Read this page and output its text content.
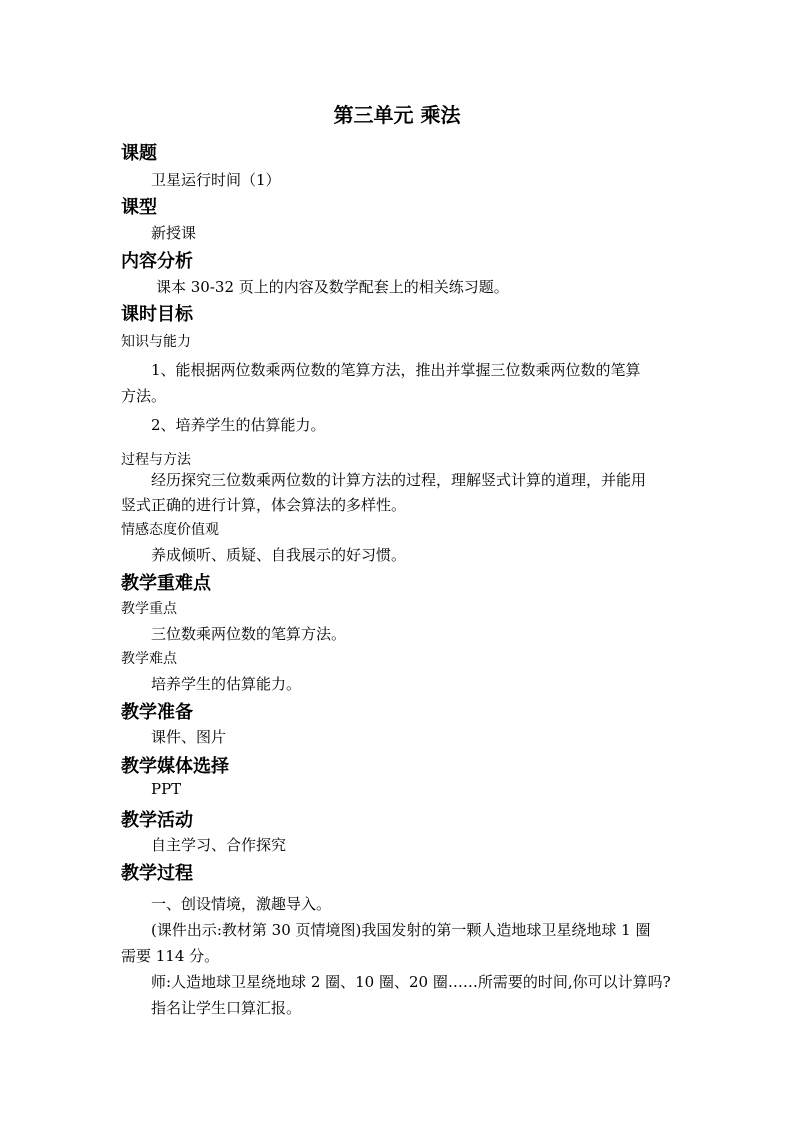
第三单元 乘法
课题
卫星运行时间（1）
课型
新授课
内容分析
课本 30-32 页上的内容及数学配套上的相关练习题。
课时目标
知识与能力
1、能根据两位数乘两位数的笔算方法，推出并掌握三位数乘两位数的笔算
方法。
2、培养学生的估算能力。
过程与方法
经历探究三位数乘两位数的计算方法的过程，理解竖式计算的道理，并能用
竖式正确的进行计算，体会算法的多样性。
情感态度价值观
养成倾听、质疑、自我展示的好习惯。
教学重难点
教学重点
三位数乘两位数的笔算方法。
教学难点
培养学生的估算能力。
教学准备
课件、图片
教学媒体选择
PPT
教学活动
自主学习、合作探究
教学过程
一、创设情境，激趣导入。
(课件出示:教材第 30 页情境图)我国发射的第一颗人造地球卫星绕地球 1 圈
需要 114 分。
师:人造地球卫星绕地球 2 圈、10 圈、20 圈……所需要的时间,你可以计算吗?
指名让学生口算汇报。
